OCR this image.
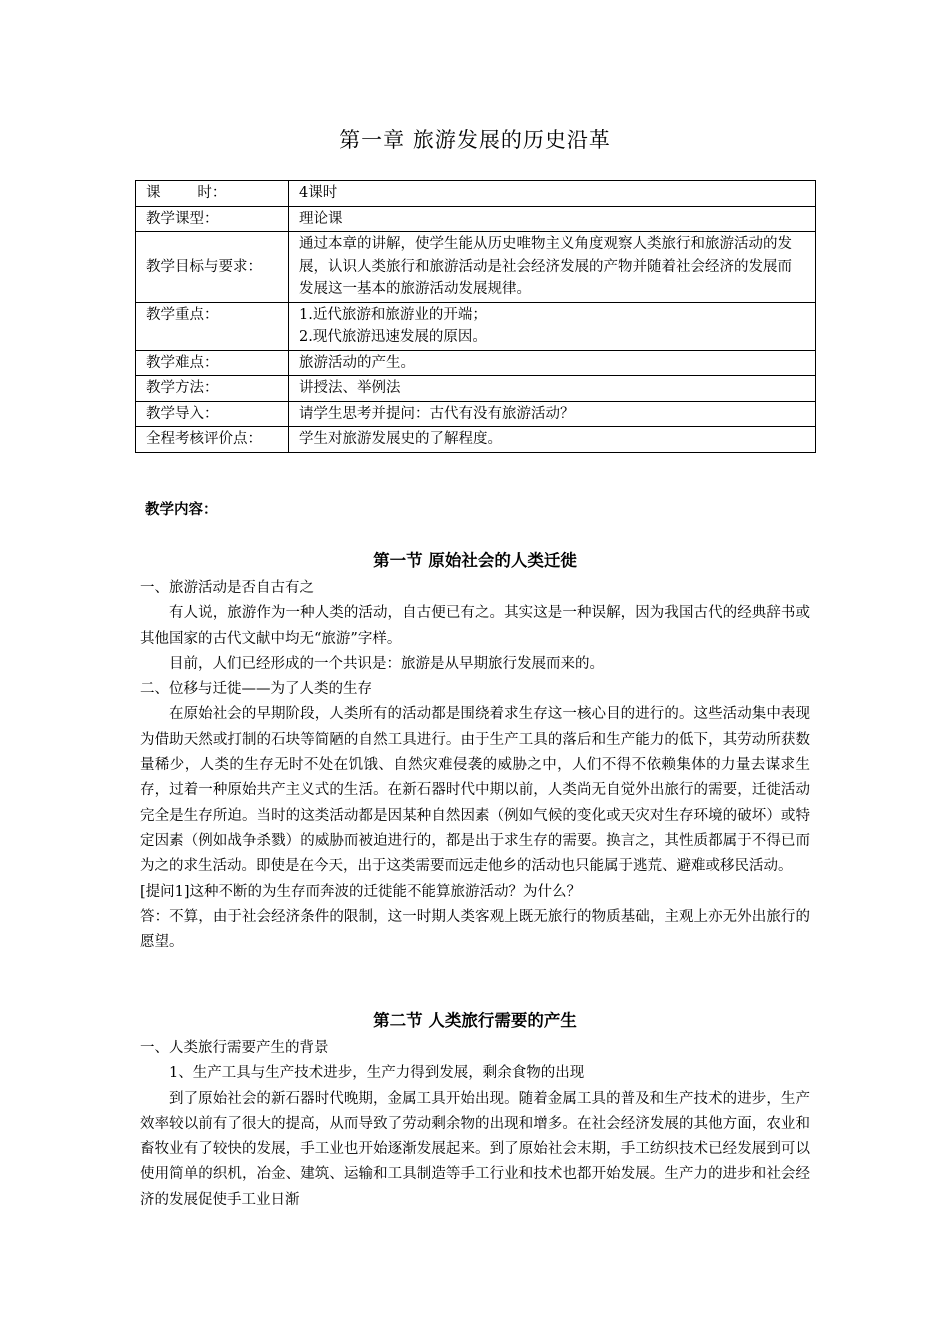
第一章 旅游发展的历史沿革
课        时：	4课时
教学课型：	理论课
教学目标与要求：	通过本章的讲解，使学生能从历史唯物主义角度观察人类旅行和旅游活动的发展，认识人类旅行和旅游活动是社会经济发展的产物并随着社会经济的发展而发展这一基本的旅游活动发展规律。
教学重点：	1.近代旅游和旅游业的开端；
2.现代旅游迅速发展的原因。

教学难点：	旅游活动的产生。
教学方法：	讲授法、举例法
教学导入：	请学生思考并提问：古代有没有旅游活动？
全程考核评价点：	学生对旅游发展史的了解程度。
教学内容：
第一节 原始社会的人类迁徙

一、旅游活动是否自古有之

有人说，旅游作为一种人类的活动，自古便已有之。其实这是一种误解，因为我国古代的经典辞书或其他国家的古代文献中均无“旅游”字样。

目前，人们已经形成的一个共识是：旅游是从早期旅行发展而来的。

二、位移与迁徙——为了人类的生存

在原始社会的早期阶段，人类所有的活动都是围绕着求生存这一核心目的进行的。这些活动集中表现为借助天然或打制的石块等简陋的自然工具进行。由于生产工具的落后和生产能力的低下，其劳动所获数量稀少，人类的生存无时不处在饥饿、自然灾难侵袭的威胁之中，人们不得不依赖集体的力量去谋求生存，过着一种原始共产主义式的生活。在新石器时代中期以前，人类尚无自觉外出旅行的需要，迁徙活动完全是生存所迫。当时的这类活动都是因某种自然因素（例如气候的变化或天灾对生存环境的破坏）或特定因素（例如战争杀戮）的威胁而被迫进行的，都是出于求生存的需要。换言之，其性质都属于不得已而为之的求生活动。即使是在今天，出于这类需要而远走他乡的活动也只能属于逃荒、避难或移民活动。

[提问1]这种不断的为生存而奔波的迁徙能不能算旅游活动？为什么？

答：不算，由于社会经济条件的限制，这一时期人类客观上既无旅行的物质基础，主观上亦无外出旅行的愿望。

第二节 人类旅行需要的产生

一、人类旅行需要产生的背景

1、生产工具与生产技术进步，生产力得到发展，剩余食物的出现

到了原始社会的新石器时代晚期，金属工具开始出现。随着金属工具的普及和生产技术的进步，生产效率较以前有了很大的提高，从而导致了劳动剩余物的出现和增多。在社会经济发展的其他方面，农业和畜牧业有了较快的发展，手工业也开始逐渐发展起来。到了原始社会末期，手工纺织技术已经发展到可以使用简单的织机，冶金、建筑、运输和工具制造等手工行业和技术也都开始发展。生产力的进步和社会经济的发展促使手工业日渐
